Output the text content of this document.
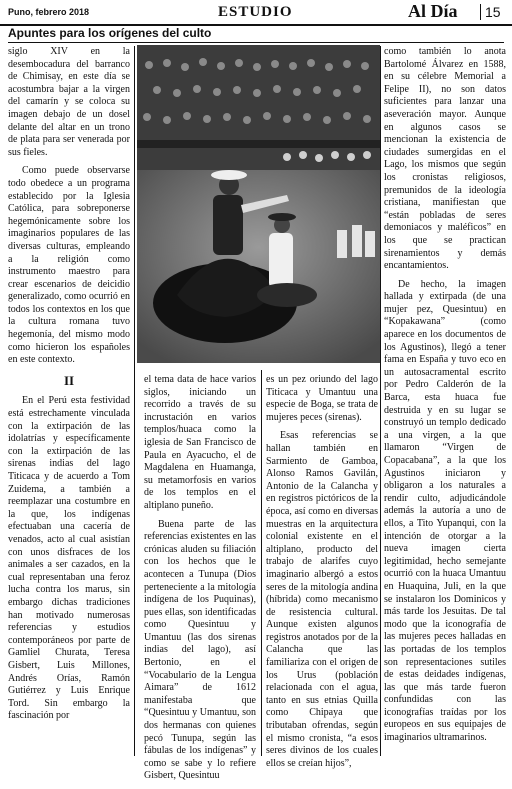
Puno, febrero 2018	ESTUDIO	Al Día 15
Apuntes para los orígenes del culto

siglo XIV en la desembocadura del barranco de Chimisay, en este día se acostumbra bajar a la virgen del camarín y se coloca su imagen debajo de un dosel delante del altar en un trono de plata para ser venerada por sus fieles.

Como puede observarse todo obedece a un programa establecido por la Iglesia Católica, para sobreponerse hegemónicamente sobre los imaginarios populares de las diversas culturas, empleando a la religión como instrumento maestro para crear escenarios de deicidio generalizado, como ocurrió en todos los contextos en los que la cultura romana tuvo hegemonía, del mismo modo como hicieron los españoles en este contexto.

II

En el Perú esta festividad está estrechamente vinculada con la extirpación de las idolatrías y específicamente con la extirpación de las sirenas indias del lago Titicaca y de acuerdo a Tom Zuidema, a también a reemplazar una costumbre en la que, los indígenas efectuaban una cacería de venados, acto al cual asistían con unos disfraces de los animales a ser cazados, en la cual representaban una feroz lucha contra los marus, sin embargo dichas tradiciones han motivado numerosas referencias y estudios contemporáneos por parte de Gamliel Churata, Teresa Gisbert, Luis Millones, Andrés Orías, Ramón Gutiérrez y Luis Enrique Tord. Sin embargo la fascinación por

el tema data de hace varios siglos, iniciando un recorrido a través de su incrustación en varios templos/huaca como la iglesia de San Francisco de Paula en Ayacucho, el de Magdalena en Huamanga, su metamorfosis en varios de los templos en el altiplano puneño.

Buena parte de las referencias existentes en las crónicas aluden su filiación con los hechos que le acontecen a Tunupa (Dios perteneciente a la mitología indígena de los Puquinas), pues ellas, son identificadas como Quesintuu y Umantuu (las dos sirenas indias del lago), así Bertonio, en el “Vocabulario de la Lengua Aimara” de 1612 manifestaba que “Quesintuu y Umantuu, son dos hermanas con quienes pecó Tunupa, según las fábulas de los indígenas” y como se sabe y lo refiere Gisbert, Quesintuu

es un pez oriundo del lago Titicaca y Umantuu una especie de Boga, se trata de mujeres peces (sirenas).

Esas referencias se hallan también en Sarmiento de Gamboa, Alonso Ramos Gavilán, Antonio de la Calancha y en registros pictóricos de la época, así como en diversas muestras en la arquitectura colonial existente en el altiplano, producto del trabajo de alarifes cuyo imaginario albergó a estos seres de la mitología andina (híbrida) como mecanismo de resistencia cultural. Aunque existen algunos registros anotados por de la Calancha que las familiariza con el origen de los Urus (población relacionada con el agua, tanto en sus etnias Quilla como Chipaya que tributaban ofrendas, según el mismo cronista, “a esos seres divinos de los cuales ellos se creían hijos”,

como también lo anota Bartolomé Álvarez en 1588, en su célebre Memorial a Felipe II), no son datos suficientes para lanzar una aseveración mayor. Aunque en algunos casos se mencionan la existencia de ciudades sumergidas en el Lago, los mismos que según los cronistas religiosos, premunidos de la ideología cristiana, manifiestan que “están pobladas de seres demoniacos y maléficos” en los que se practican sirenamientos y demás encantamientos.

De hecho, la imagen hallada y extirpada (de una mujer pez, Quesintuu) en “Kopakawana” (como aparece en los documentos de los Agustinos), llegó a tener fama en España y tuvo eco en un autosacramental escrito por Pedro Calderón de la Barca, esta huaca fue destruida y en su lugar se construyó un templo dedicado a una virgen, a la que llamaron “Virgen de Copacabana”, a la que los Agustinos iniciaron y obligaron a los naturales a rendir culto, adjudicándole además la autoría a uno de ellos, a Tito Yupanqui, con la intención de otorgar a la nueva imagen cierta legitimidad, hecho semejante ocurrió con la huaca Umantuu en Huaquina, Juli, en la que se instalaron los Dominicos y más tarde los Jesuitas. De tal modo que la iconografía de las mujeres peces halladas en las portadas de los templos son representaciones sutiles de estas deidades indígenas, las que más tarde fueron confundidas con las iconografías traídas por los europeos en sus equipajes de imaginarios ultramarinos.
